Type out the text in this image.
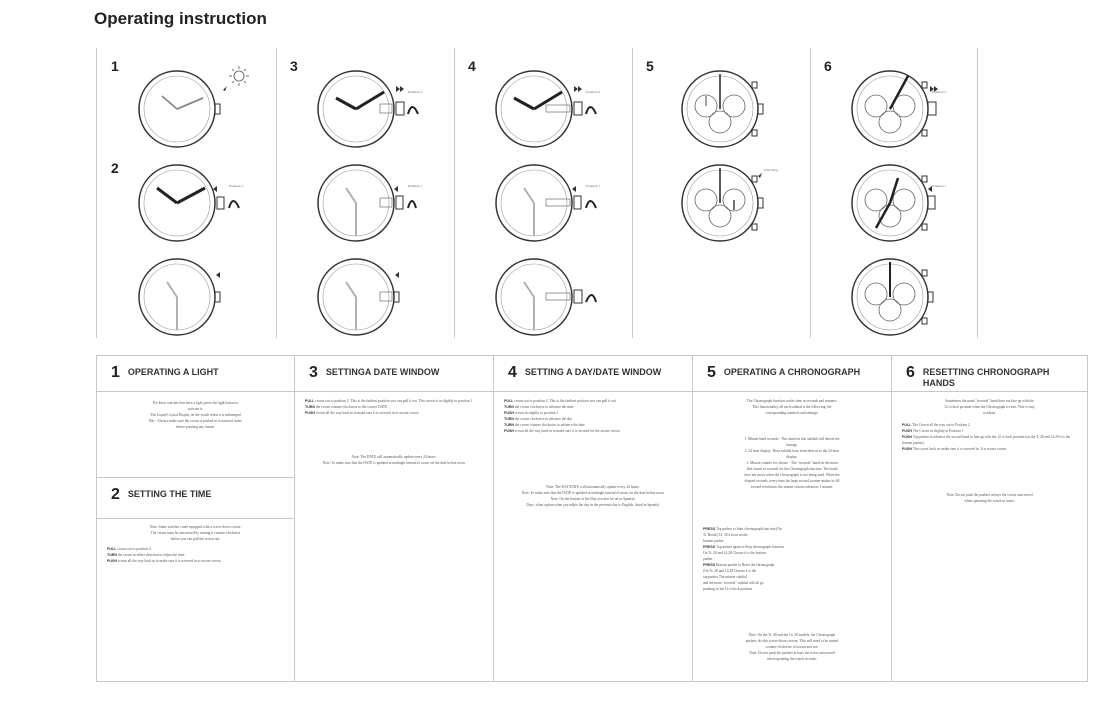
Operating instruction
1
2
Position 1
3
Position 2
Position 1
4
Position 2
Position 1
5
Start/Stop
6
Position 2
Position 1
1 OPERATING A LIGHT
For those watches that have a light, press the light button to
activate it.
The Liquid Crystal Display on the watch when it is submerged
Bar - Always make sure the crown is pushed in to ensured water
before pressing any button.
2 SETTING THE TIME
Note: Some watches come equipped with a screw-down crown.
The crown must be unscrewed by turning it counter-clockwise
before you can pull the crown out.
PULL crown out to position 2.
TURN the crown in either direction to adjust the time.
PUSH crown all the way back in to make sure it is screwed in to secure crown.
3 SETTINGA DATE WINDOW
PULL crown out to position 2. This is the furthest position you can pull it out. This crown is in slightly to position 1.
TURN the crown counter-clockwise to the correct DATE.
PUSH crown all the way back in to make sure it is screwed in to secure crown.
Note: The DATE will automatically update every 24 hours.
Note: To make sure that the DATE is updated at midnight instead of noon, set the date before noon.
4 SETTING A DAY/DATE WINDOW
PULL crown out to position 2. This is the furthest position you can pull it out.
TURN the crown clockwise to advance the time
PUSH crown in slightly to position 1
TURN the crown clockwise to advance the day
TURN the crown counter clockwise to advance the date
PUSH crown all the way back in to make sure it is secured for the secure crown.
Note: The DAY/DATE will automatically update every 24 hours.
Note: To make sure that the DATE is updated at midnight instead of noon, set the date before noon.
Note: On the bottom of the Day you also be set in Spanish.
Days, when option when you adjust the day in the previous day to English, listed in Spanish.
5 OPERATING A CHRONOGRAPH
The Chronograph function works time in seconds and minutes.
This functionality, all each subdial is the following: the
corresponding numbers and settings:
1. Minute hand seconds - This hand on this subdial will denote the
timings.
2. 24 hour display: Hour subdial hour from then on to the 24 hour
display.
3. Minute counter for chrono - The "seconds" hand on the main
dial counts in seconds for the Chronograph function. This hand
does not move when the Chronograph is not being used. When the
elapsed exceeds, every time the large second counter makes its 60
second revolution, the minute chrono advances 1 minute.
PRESS Top pusher to Start chronograph function (On
Tr. Break) 14. 30 it hour on the
bottom pusher
PRESS Top pusher again to Stop chronograph function
On Tr. 28 and 14.28 Chrono it is the bottom
pusher
PRESS Bottom pusher to Reset the chronograph
(On Tr. 28 and 14.28 Chrono it is the
top pusher The minute subdial
and the main "seconds" subdial will all go
pointing to the 12 o'clock position.
Note: On the Tr. 28 and the 14. 28 models, the Chronograph
pushers do also screw-down crowns. This will need to be turned
counter-clockwise to loosen and use.
Note: Do not push the pushers at bays the screw unscrewed
when operating the watch in water.
6 RESETTING CHRONOGRAPH HANDS
Sometimes the main "seconds" hand does not line up with the
12 o'clock position when the Chronograph is reset. This is easy
to adjust.
PULL The Crown all the way out to Position 2
PUSH The Crown in slightly to Position 1
PUSH Top pusher to advance the second hand to line up with the 12 o'clock position (on the T. 28 and 14.28 it is the bottom pusher).
PUSH The crown back in, make sure it is screwed in. It is secure crown.
Note: Do not push the pushers at bays the crown unscrewed
when operating the watch in water.
